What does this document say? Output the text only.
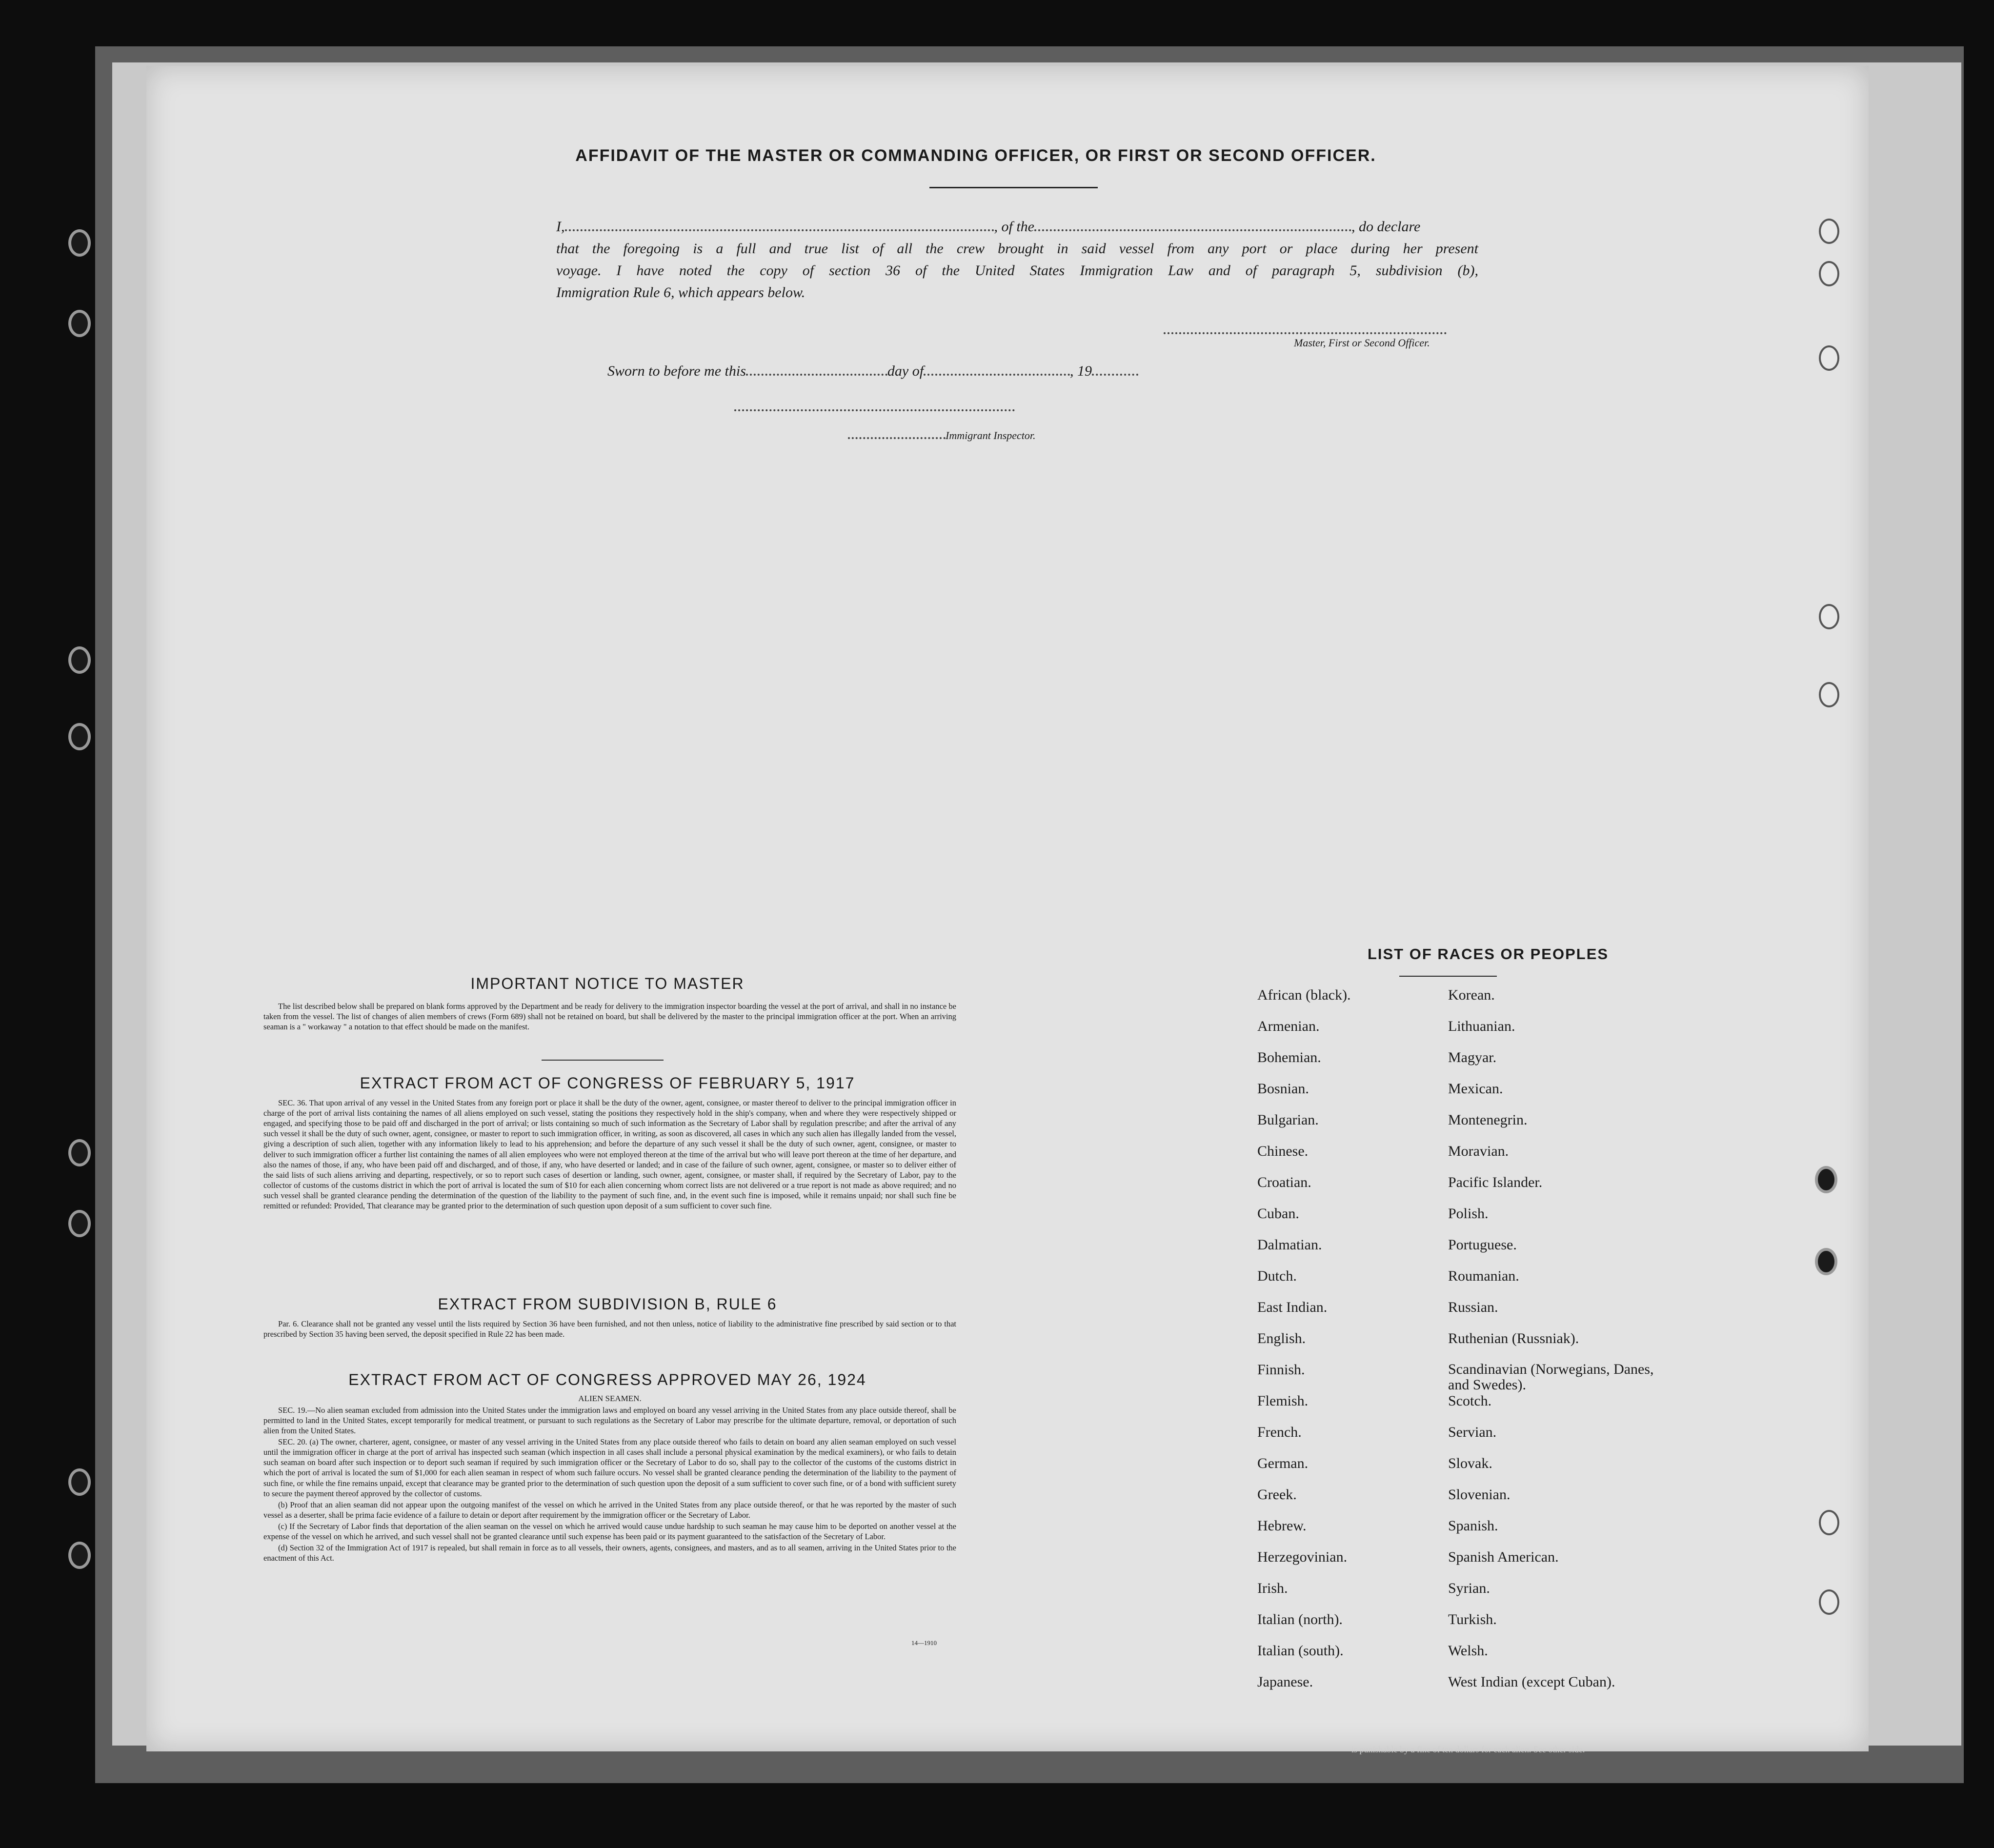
AFFIDAVIT OF THE MASTER OR COMMANDING OFFICER, OR FIRST OR SECOND OFFICER.
I,	, of the	, do declare
that the foregoing is a full and true list of all the crew brought in said vessel from any port or place during her present
voyage. I have noted the copy of section 36 of the United States Immigration Law and of paragraph 5, subdivision (b),
Immigration Rule 6, which appears below.
Master, First or Second Officer.
Sworn to before me this	day of	, 19
Immigrant Inspector.
IMPORTANT NOTICE TO MASTER

The list described below shall be prepared on blank forms approved by the Department and be ready for delivery to the immigration inspector boarding the vessel at the port of arrival, and shall in no instance be taken from the vessel. The list of changes of alien members of crews (Form 689) shall not be retained on board, but shall be delivered by the master to the principal immigration officer at the port. When an arriving seaman is a " workaway " a notation to that effect should be made on the manifest.

EXTRACT FROM ACT OF CONGRESS OF FEBRUARY 5, 1917

SEC. 36. That upon arrival of any vessel in the United States from any foreign port or place it shall be the duty of the owner, agent, consignee, or master thereof to deliver to the principal immigration officer in charge of the port of arrival lists containing the names of all aliens employed on such vessel, stating the positions they respectively hold in the ship's company, when and where they were respectively shipped or engaged, and specifying those to be paid off and discharged in the port of arrival; or lists containing so much of such information as the Secretary of Labor shall by regulation prescribe; and after the arrival of any such vessel it shall be the duty of such owner, agent, consignee, or master to report to such immigration officer, in writing, as soon as discovered, all cases in which any such alien has illegally landed from the vessel, giving a description of such alien, together with any information likely to lead to his apprehension; and before the departure of any such vessel it shall be the duty of such owner, agent, consignee, or master to deliver to such immigration officer a further list containing the names of all alien employees who were not employed thereon at the time of the arrival but who will leave port thereon at the time of her departure, and also the names of those, if any, who have been paid off and discharged, and of those, if any, who have deserted or landed; and in case of the failure of such owner, agent, consignee, or master so to deliver either of the said lists of such aliens arriving and departing, respectively, or so to report such cases of desertion or landing, such owner, agent, consignee, or master shall, if required by the Secretary of Labor, pay to the collector of customs of the customs district in which the port of arrival is located the sum of $10 for each alien concerning whom correct lists are not delivered or a true report is not made as above required; and no such vessel shall be granted clearance pending the determination of the question of the liability to the payment of such fine, and, in the event such fine is imposed, while it remains unpaid; nor shall such fine be remitted or refunded: Provided, That clearance may be granted prior to the determination of such question upon deposit of a sum sufficient to cover such fine.

EXTRACT FROM SUBDIVISION B, RULE 6

Par. 6. Clearance shall not be granted any vessel until the lists required by Section 36 have been furnished, and not then unless, notice of liability to the administrative fine prescribed by said section or to that prescribed by Section 35 having been served, the deposit specified in Rule 22 has been made.

EXTRACT FROM ACT OF CONGRESS APPROVED MAY 26, 1924

ALIEN SEAMEN.

SEC. 19.—No alien seaman excluded from admission into the United States under the immigration laws and employed on board any vessel arriving in the United States from any place outside thereof, shall be permitted to land in the United States, except temporarily for medical treatment, or pursuant to such regulations as the Secretary of Labor may prescribe for the ultimate departure, removal, or deportation of such alien from the United States.

SEC. 20. (a) The owner, charterer, agent, consignee, or master of any vessel arriving in the United States from any place outside thereof who fails to detain on board any alien seaman employed on such vessel until the immigration officer in charge at the port of arrival has inspected such seaman (which inspection in all cases shall include a personal physical examination by the medical examiners), or who fails to detain such seaman on board after such inspection or to deport such seaman if required by such immigration officer or the Secretary of Labor to do so, shall pay to the collector of the customs of the customs district in which the port of arrival is located the sum of $1,000 for each alien seaman in respect of whom such failure occurs. No vessel shall be granted clearance pending the determination of the liability to the payment of such fine, or while the fine remains unpaid, except that clearance may be granted prior to the determination of such question upon the deposit of a sum sufficient to cover such fine, or of a bond with sufficient surety to secure the payment thereof approved by the collector of customs.

(b) Proof that an alien seaman did not appear upon the outgoing manifest of the vessel on which he arrived in the United States from any place outside thereof, or that he was reported by the master of such vessel as a deserter, shall be prima facie evidence of a failure to detain or deport after requirement by the immigration officer or the Secretary of Labor.

(c) If the Secretary of Labor finds that deportation of the alien seaman on the vessel on which he arrived would cause undue hardship to such seaman he may cause him to be deported on another vessel at the expense of the vessel on which he arrived, and such vessel shall not be granted clearance until such expense has been paid or its payment guaranteed to the satisfaction of the Secretary of Labor.

(d) Section 32 of the Immigration Act of 1917 is repealed, but shall remain in force as to all vessels, their owners, agents, consignees, and masters, and as to all seamen, arriving in the United States prior to the enactment of this Act.

14—1910
LIST OF RACES OR PEOPLES
African (black).
Armenian.
Bohemian.
Bosnian.
Bulgarian.
Chinese.
Croatian.
Cuban.
Dalmatian.
Dutch.
East Indian.
English.
Finnish.
Flemish.
French.
German.
Greek.
Hebrew.
Herzegovinian.
Irish.
Italian (north).
Italian (south).
Japanese.
Korean.
Lithuanian.
Magyar.
Mexican.
Montenegrin.
Moravian.
Pacific Islander.
Polish.
Portuguese.
Roumanian.
Russian.
Ruthenian (Russniak).
Scandinavian (Norwegians, Danes, and Swedes).
Scotch.
Servian.
Slovak.
Slovenian.
Spanish.
Spanish American.
Syrian.
Turkish.
Welsh.
West Indian (except Cuban).
is punishable by a fine of ten dollars for each alien. See other side.
